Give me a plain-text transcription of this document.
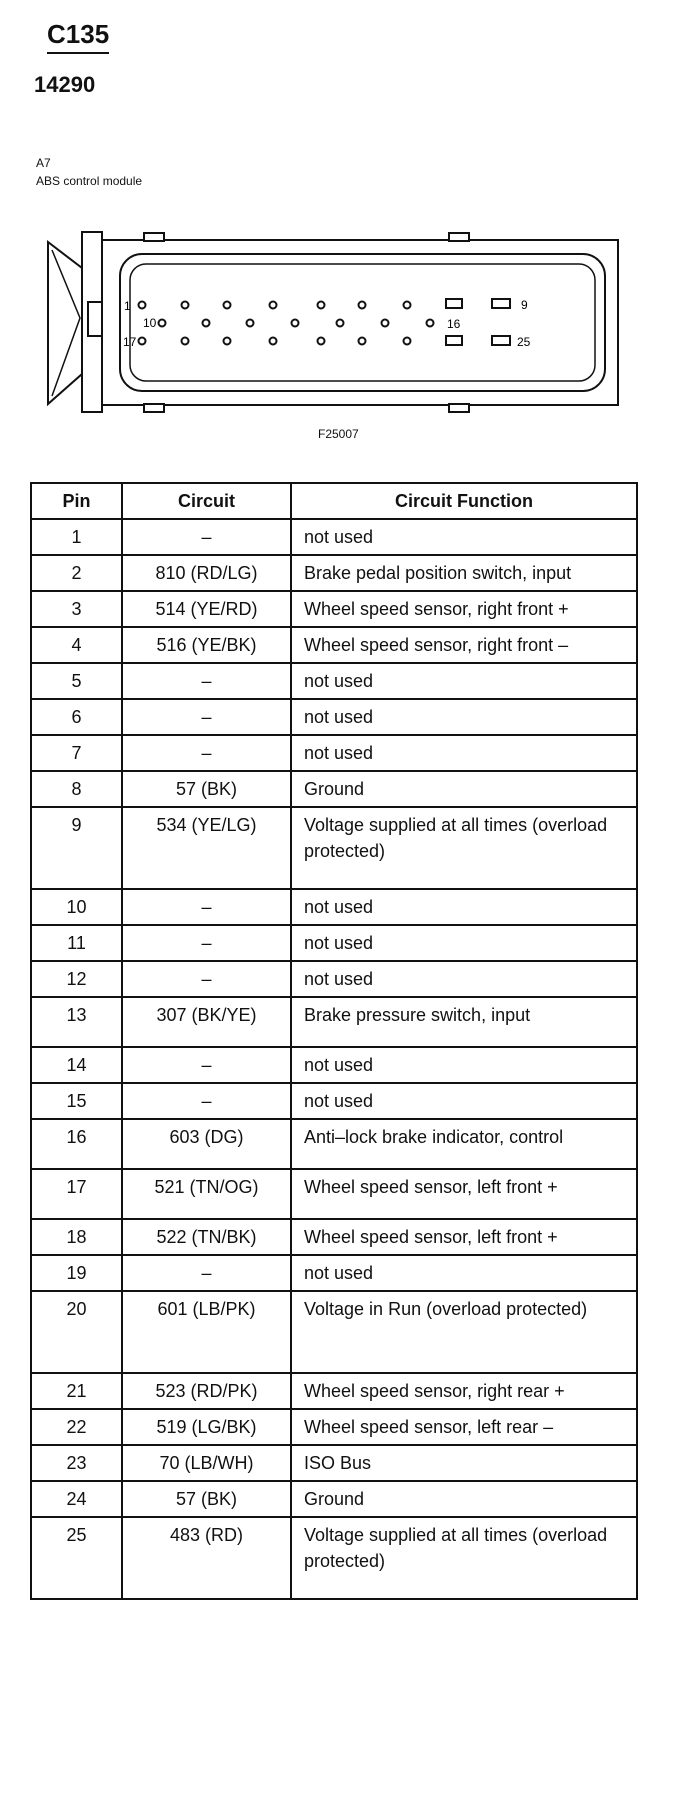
C135
14290
A7
ABS control module
1
10
17
16
9
25
F25007
Pin	Circuit	Circuit Function
1	–	not used
2	810 (RD/LG)	Brake pedal position switch, input
3	514 (YE/RD)	Wheel speed sensor, right front +
4	516 (YE/BK)	Wheel speed sensor, right front –
5	–	not used
6	–	not used
7	–	not used
8	57 (BK)	Ground
9	534 (YE/LG)	Voltage supplied at all times (overload protected)
10	–	not used
11	–	not used
12	–	not used
13	307 (BK/YE)	Brake pressure switch, input
14	–	not used
15	–	not used
16	603 (DG)	Anti–lock brake indicator, control
17	521 (TN/OG)	Wheel speed sensor, left front +
18	522 (TN/BK)	Wheel speed sensor, left front +
19	–	not used
20	601 (LB/PK)	Voltage in Run (overload protected)
21	523 (RD/PK)	Wheel speed sensor, right rear +
22	519 (LG/BK)	Wheel speed sensor, left rear –
23	70 (LB/WH)	ISO Bus
24	57 (BK)	Ground
25	483 (RD)	Voltage supplied at all times (overload protected)
